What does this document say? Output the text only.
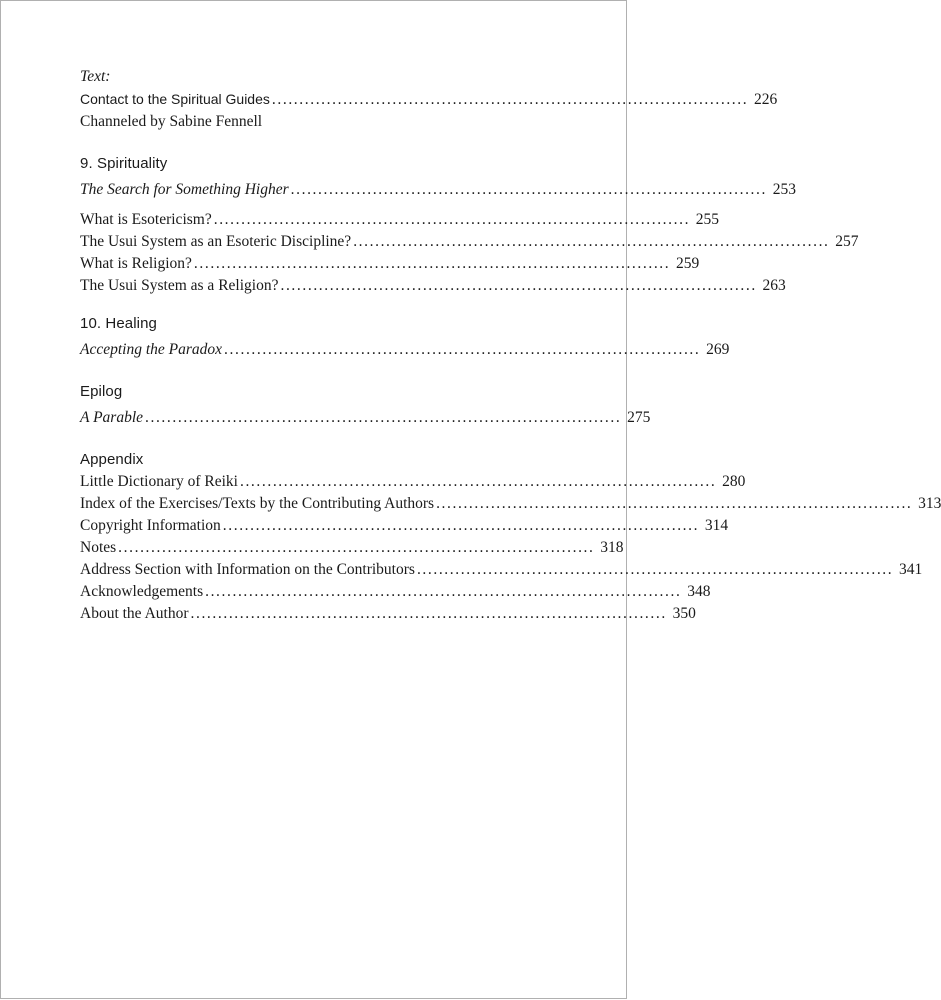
Text:
Contact to the Spiritual Guides ....................................................................................... 226
Channeled by Sabine Fennell
9. Spirituality
The Search for Something Higher ....................................................................................... 253
What is Esotericism? ....................................................................................... 255
The Usui System as an Esoteric Discipline? ....................................................................................... 257
What is Religion? ....................................................................................... 259
The Usui System as a Religion? ....................................................................................... 263
10. Healing
Accepting the Paradox ....................................................................................... 269
Epilog
A Parable ....................................................................................... 275
Appendix
Little Dictionary of Reiki ....................................................................................... 280
Index of the Exercises/Texts by the Contributing Authors ....................................................................................... 313
Copyright Information ....................................................................................... 314
Notes ....................................................................................... 318
Address Section with Information on the Contributors ....................................................................................... 341
Acknowledgements ....................................................................................... 348
About the Author ....................................................................................... 350
